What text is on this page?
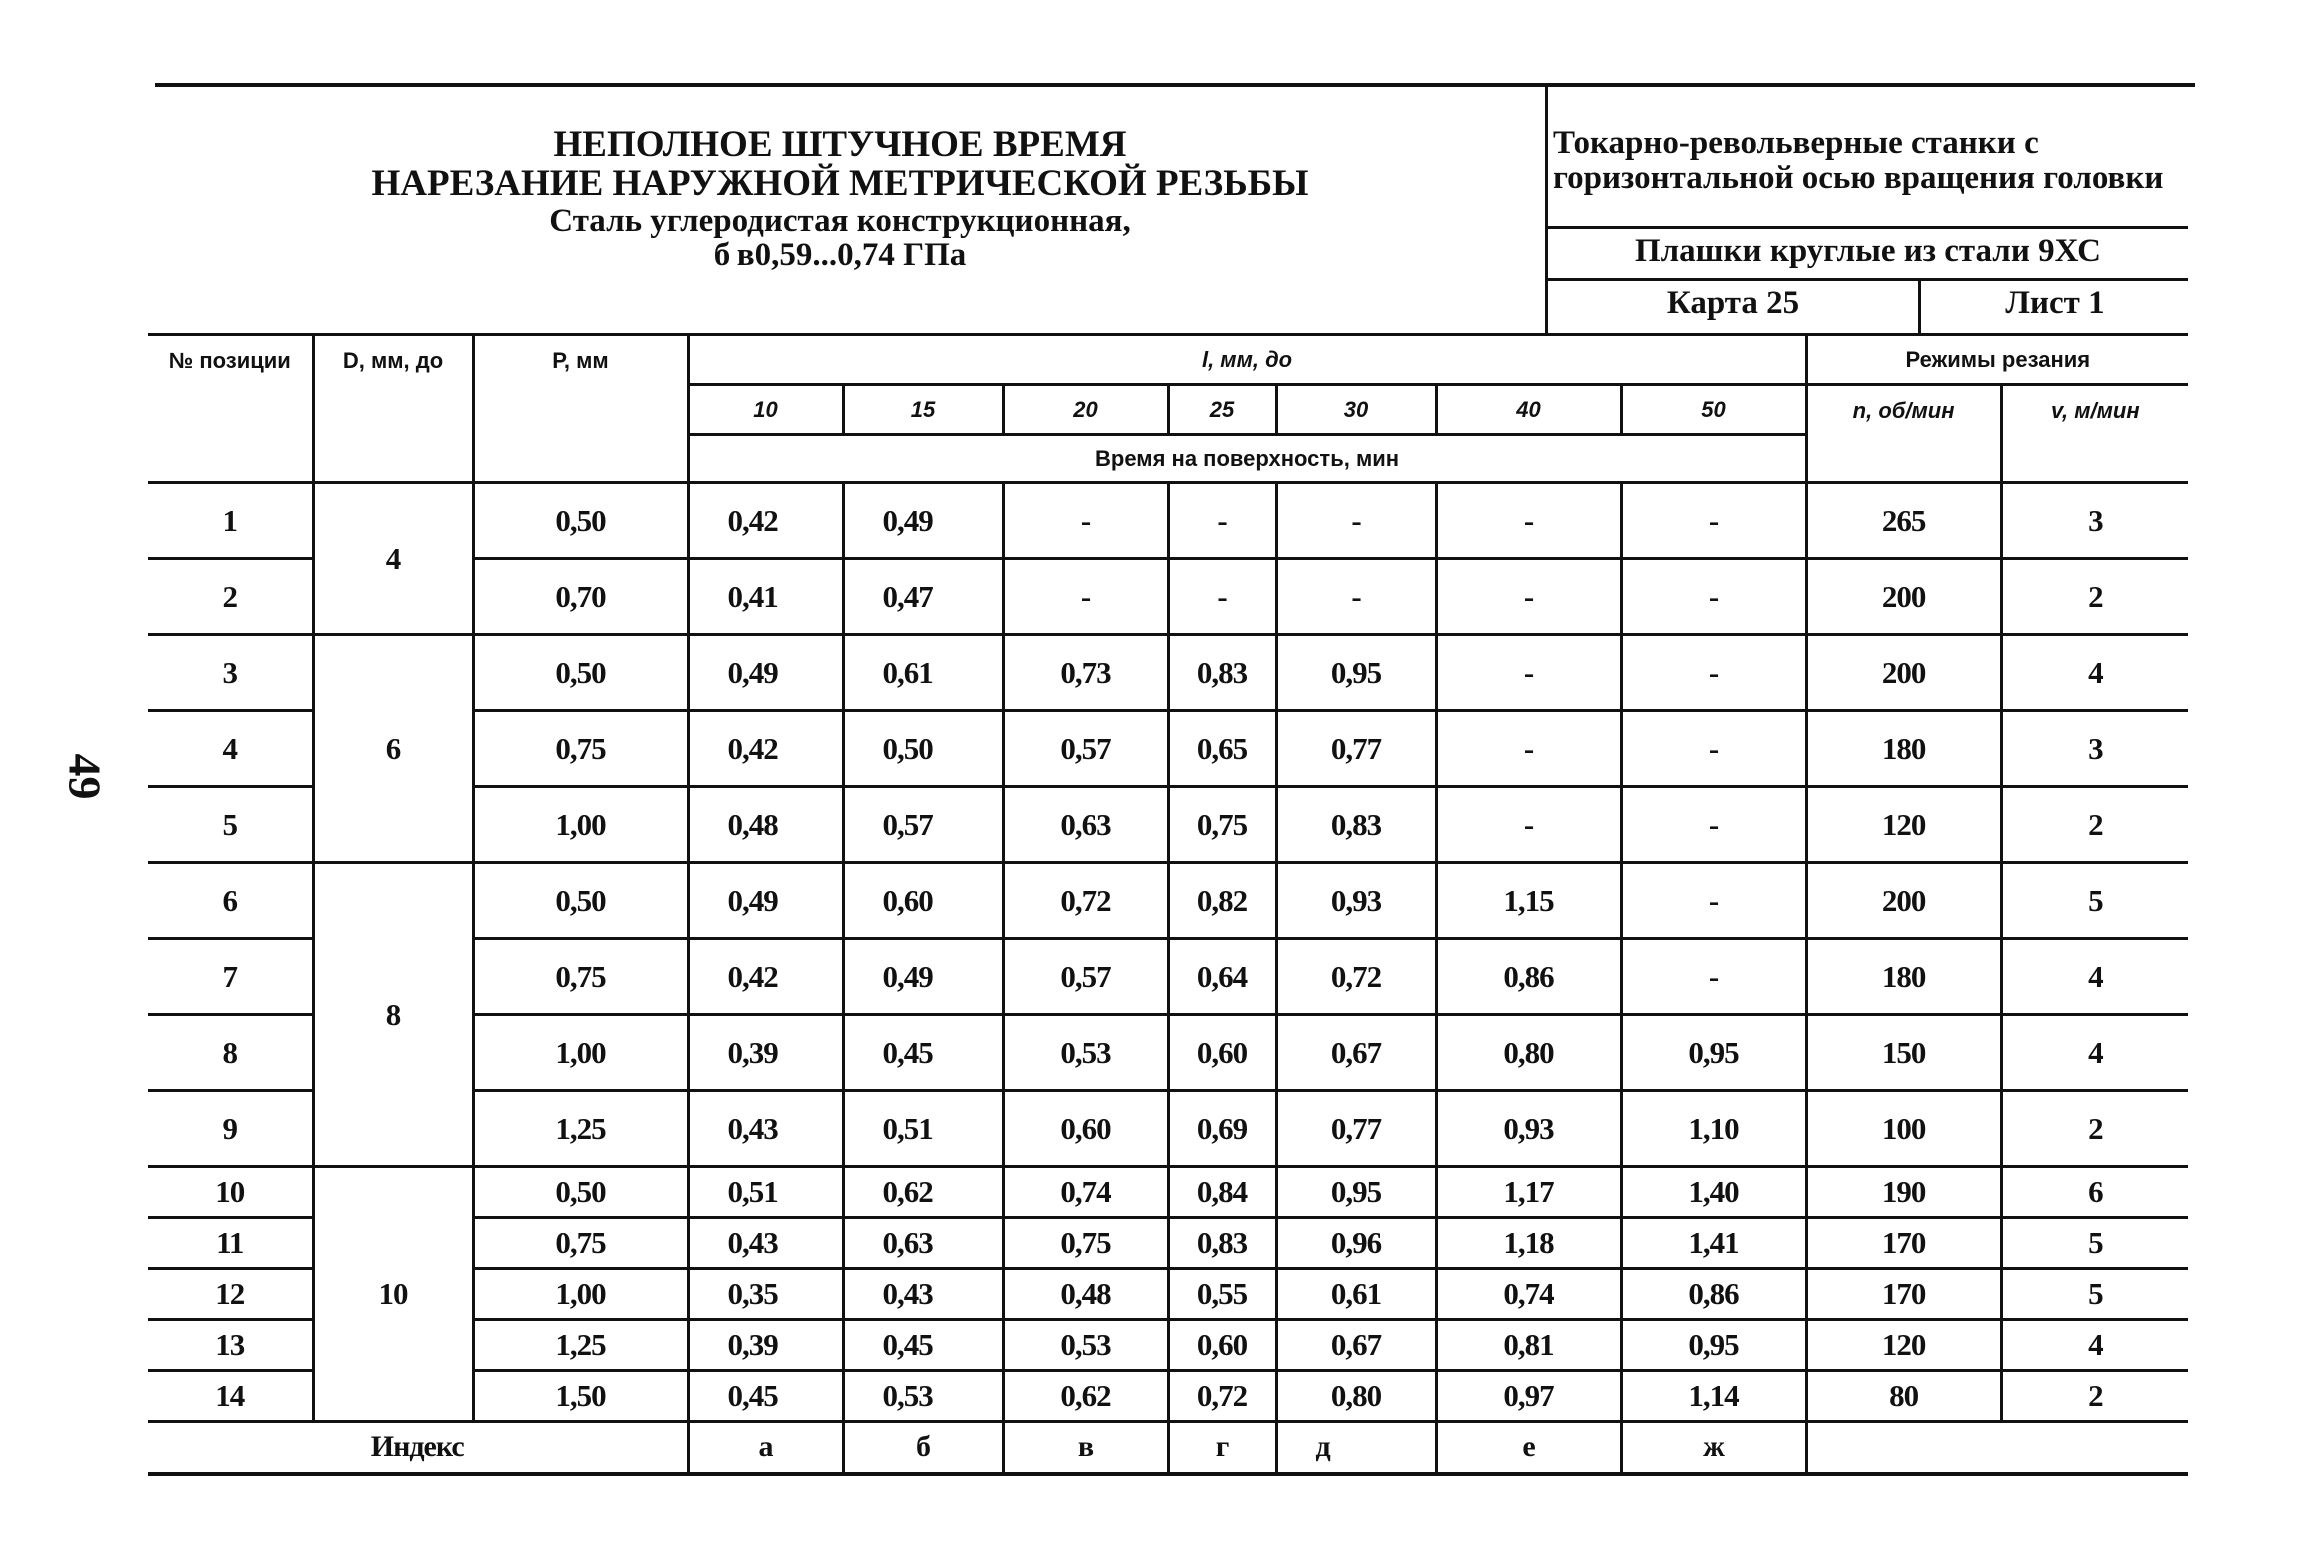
49
НЕПОЛНОЕ ШТУЧНОЕ ВРЕМЯ
НАРЕЗАНИЕ НАРУЖНОЙ МЕТРИЧЕСКОЙ РЕЗЬБЫ
Сталь углеродистая конструкционная,
б в0,59...0,74 ГПа
Токарно-револьверные станки с горизонтальной осью вращения головки
Плашки круглые из стали 9ХС
Карта 25	Лист 1
№ позиции	D, мм, до	Р, мм	l, мм, до							Режимы резания	
			10	15	20	25	30	40	50	n, об/мин	v, м/мин
			Время на поверхность, мин								
1	4	0,50	0,42	0,49	-	-	-	-	-	265	3
2		0,70	0,41	0,47	-	-	-	-	-	200	2
3	6	0,50	0,49	0,61	0,73	0,83	0,95	-	-	200	4
4		0,75	0,42	0,50	0,57	0,65	0,77	-	-	180	3
5		1,00	0,48	0,57	0,63	0,75	0,83	-	-	120	2
6	8	0,50	0,49	0,60	0,72	0,82	0,93	1,15	-	200	5
7		0,75	0,42	0,49	0,57	0,64	0,72	0,86	-	180	4
8		1,00	0,39	0,45	0,53	0,60	0,67	0,80	0,95	150	4
9		1,25	0,43	0,51	0,60	0,69	0,77	0,93	1,10	100	2
10	10	0,50	0,51	0,62	0,74	0,84	0,95	1,17	1,40	190	6
11		0,75	0,43	0,63	0,75	0,83	0,96	1,18	1,41	170	5
12		1,00	0,35	0,43	0,48	0,55	0,61	0,74	0,86	170	5
13		1,25	0,39	0,45	0,53	0,60	0,67	0,81	0,95	120	4
14		1,50	0,45	0,53	0,62	0,72	0,80	0,97	1,14	80	2
Индекс			а	б	в	г	д	е	ж		
